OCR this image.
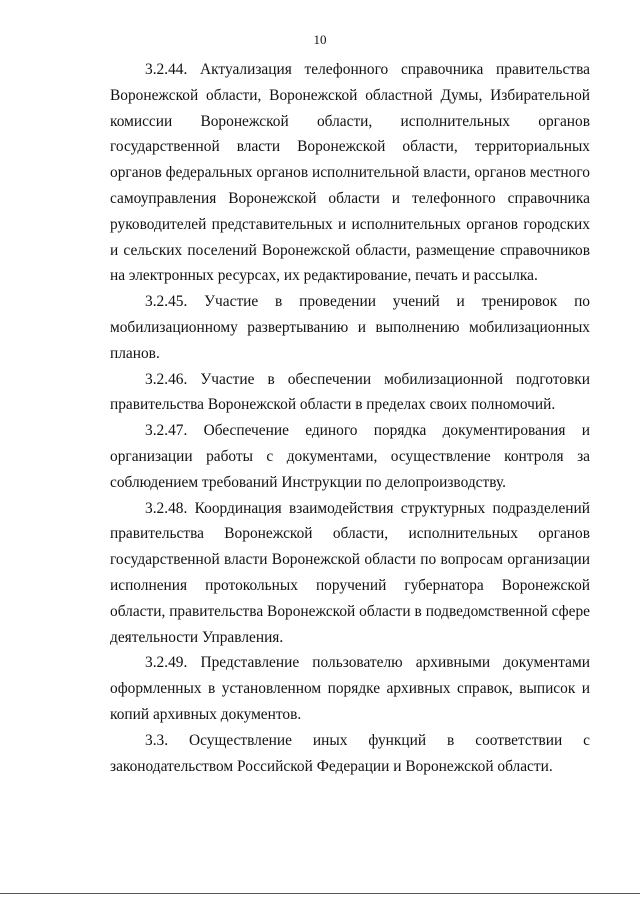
10

3.2.44. Актуализация телефонного справочника правительства Воронежской области, Воронежской областной Думы, Избирательной комиссии Воронежской области, исполнительных органов государственной власти Воронежской области, территориальных органов федеральных органов исполнительной власти, органов местного самоуправления Воронежской области и телефонного справочника руководителей представительных и исполнительных органов городских и сельских поселений Воронежской области, размещение справочников на электронных ресурсах, их редактирование, печать и рассылка.

3.2.45. Участие в проведении учений и тренировок по мобилизационному развертыванию и выполнению мобилизационных планов.

3.2.46. Участие в обеспечении мобилизационной подготовки правительства Воронежской области в пределах своих полномочий.

3.2.47. Обеспечение единого порядка документирования и организации работы с документами, осуществление контроля за соблюдением требований Инструкции по делопроизводству.

3.2.48. Координация взаимодействия структурных подразделений правительства Воронежской области, исполнительных органов государственной власти Воронежской области по вопросам организации исполнения протокольных поручений губернатора Воронежской области, правительства Воронежской области в подведомственной сфере деятельности Управления.

3.2.49. Представление пользователю архивными документами оформленных в установленном порядке архивных справок, выписок и копий архивных документов.

3.3. Осуществление иных функций в соответствии с законодательством Российской Федерации и Воронежской области.
